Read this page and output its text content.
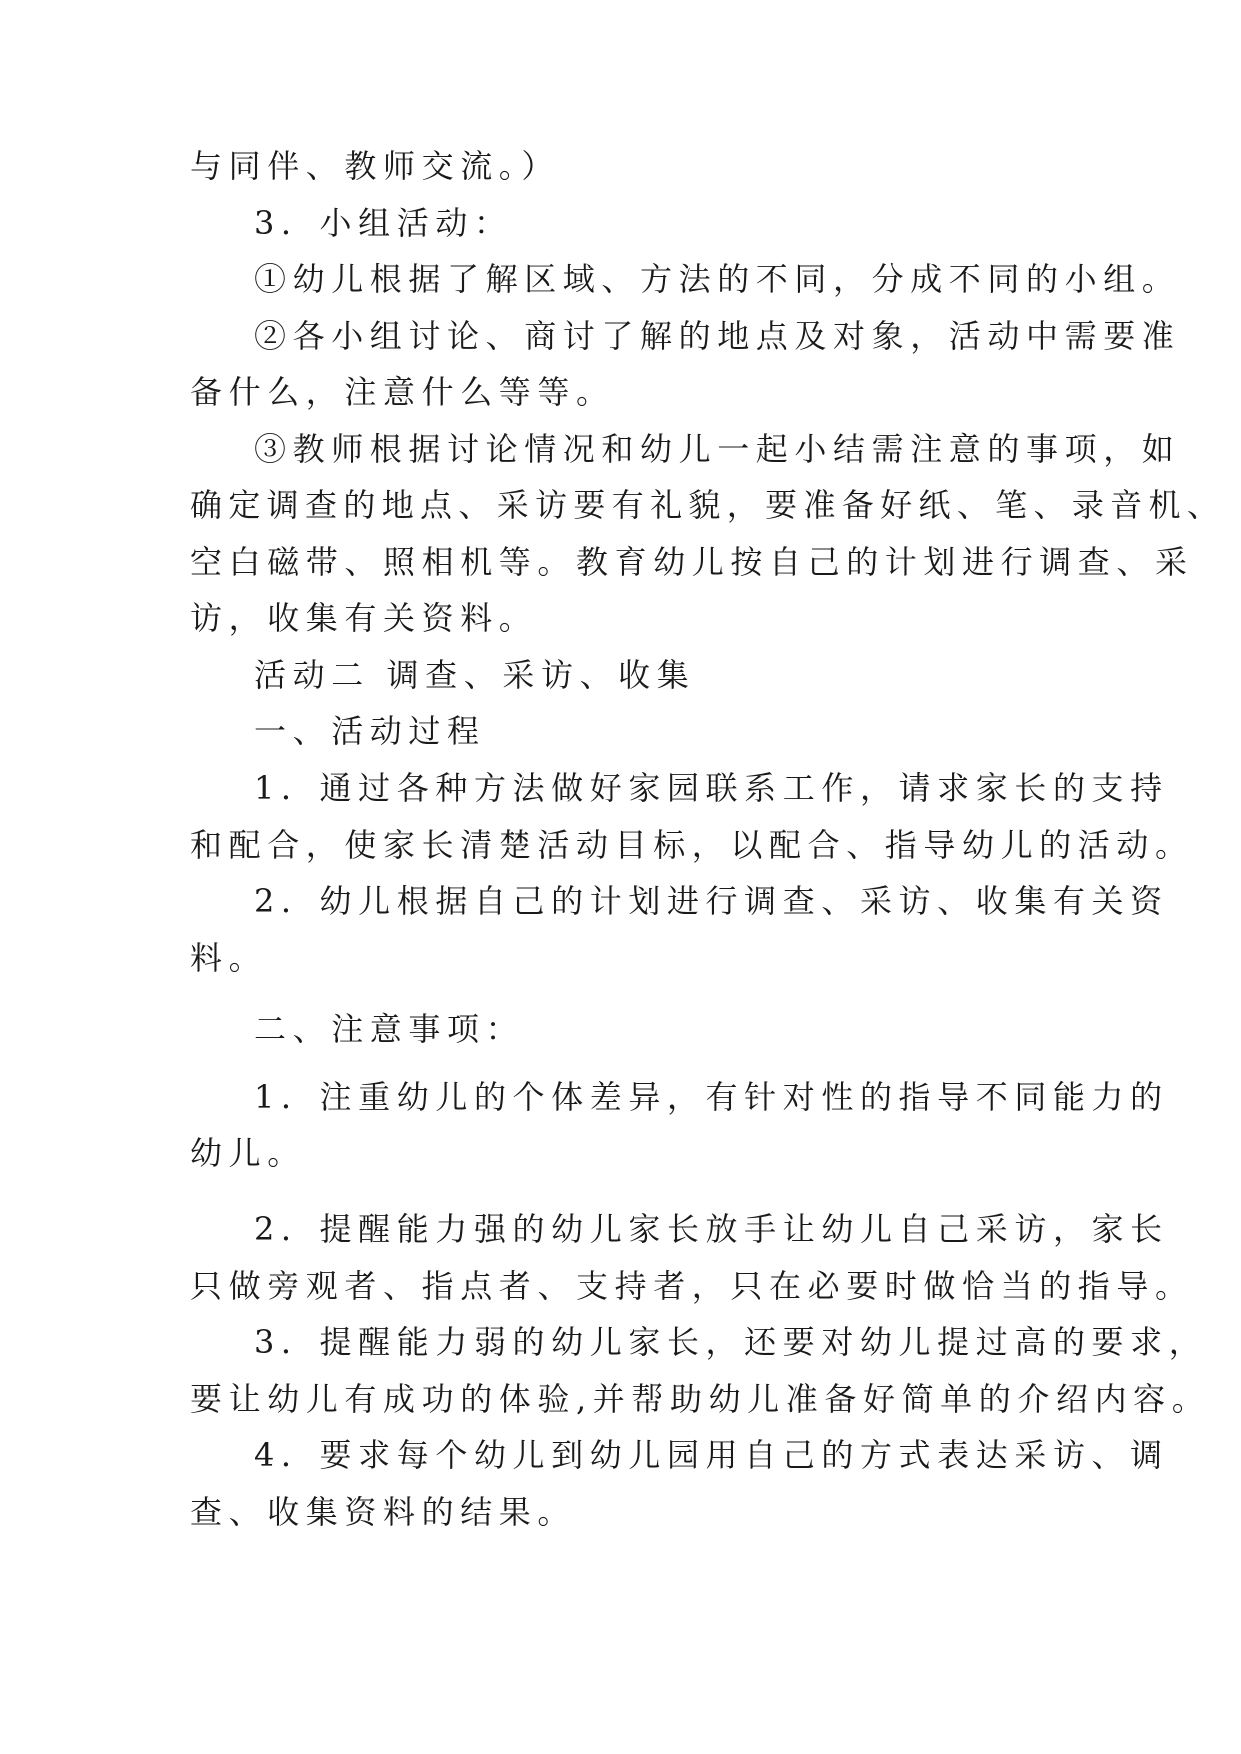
与同伴、教师交流。）
3．小组活动：
①幼儿根据了解区域、方法的不同，分成不同的小组。
②各小组讨论、商讨了解的地点及对象，活动中需要准
备什么，注意什么等等。
③教师根据讨论情况和幼儿一起小结需注意的事项，如
确定调查的地点、采访要有礼貌，要准备好纸、笔、录音机、
空白磁带、照相机等。教育幼儿按自己的计划进行调查、采
访，收集有关资料。
活动二 调查、采访、收集
一、活动过程
1．通过各种方法做好家园联系工作，请求家长的支持
和配合，使家长清楚活动目标，以配合、指导幼儿的活动。
2．幼儿根据自己的计划进行调查、采访、收集有关资
料。
二、注意事项：
1．注重幼儿的个体差异，有针对性的指导不同能力的
幼儿。
2．提醒能力强的幼儿家长放手让幼儿自己采访，家长
只做旁观者、指点者、支持者，只在必要时做恰当的指导。
3．提醒能力弱的幼儿家长，还要对幼儿提过高的要求，
要让幼儿有成功的体验,并帮助幼儿准备好简单的介绍内容。
4．要求每个幼儿到幼儿园用自己的方式表达采访、调
查、收集资料的结果。
